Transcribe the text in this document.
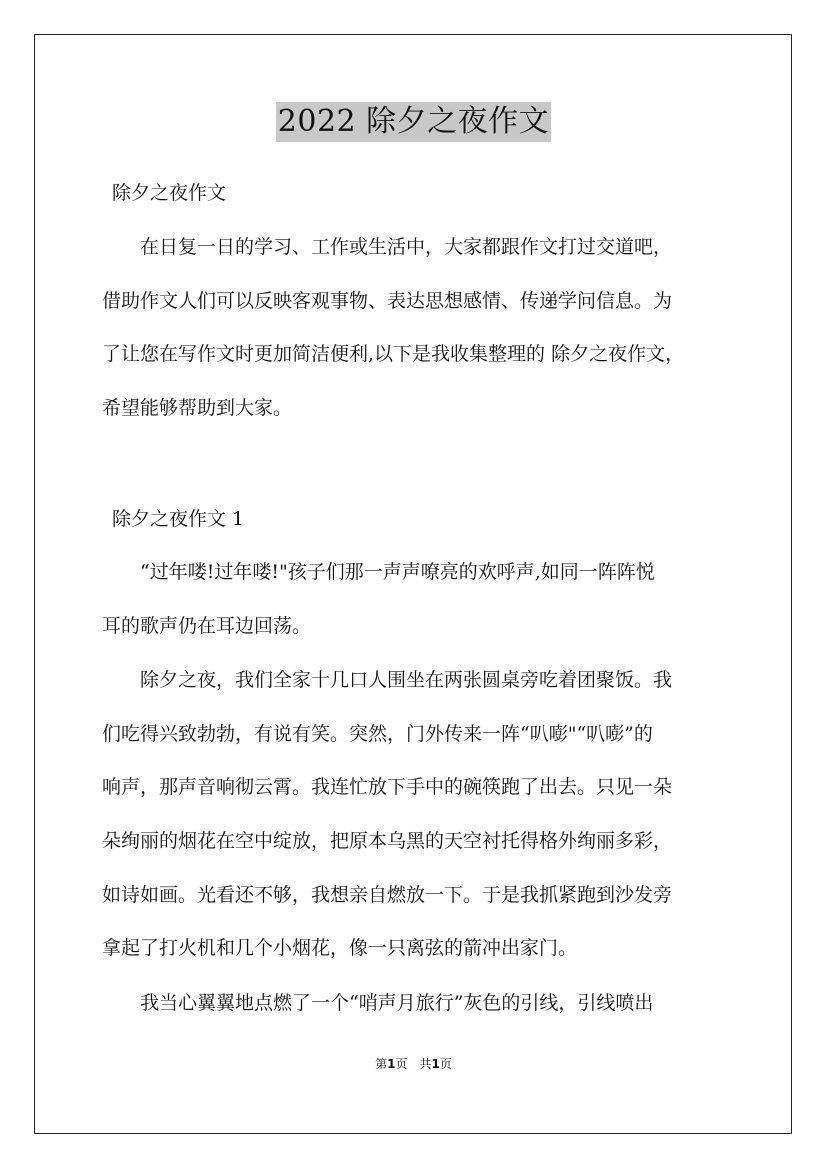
2022 除夕之夜作文

除夕之夜作文

　　在日复一日的学习、工作或生活中，大家都跟作文打过交道吧，
借助作文人们可以反映客观事物、表达思想感情、传递学问信息。为
了让您在写作文时更加简洁便利,以下是我收集整理的 除夕之夜作文，
希望能够帮助到大家。

除夕之夜作文 1

　　“过年喽!过年喽!"孩子们那一声声嘹亮的欢呼声,如同一阵阵悦
耳的歌声仍在耳边回荡。
　　除夕之夜，我们全家十几口人围坐在两张圆桌旁吃着团聚饭。我
们吃得兴致勃勃，有说有笑。突然，门外传来一阵“叭嘭"“叭嘭”的
响声，那声音响彻云霄。我连忙放下手中的碗筷跑了出去。只见一朵
朵绚丽的烟花在空中绽放，把原本乌黑的天空衬托得格外绚丽多彩，
如诗如画。光看还不够，我想亲自燃放一下。于是我抓紧跑到沙发旁
拿起了打火机和几个小烟花，像一只离弦的箭冲出家门。
　　我当心翼翼地点燃了一个“哨声月旅行”灰色的引线，引线喷出
第1页　共1页
